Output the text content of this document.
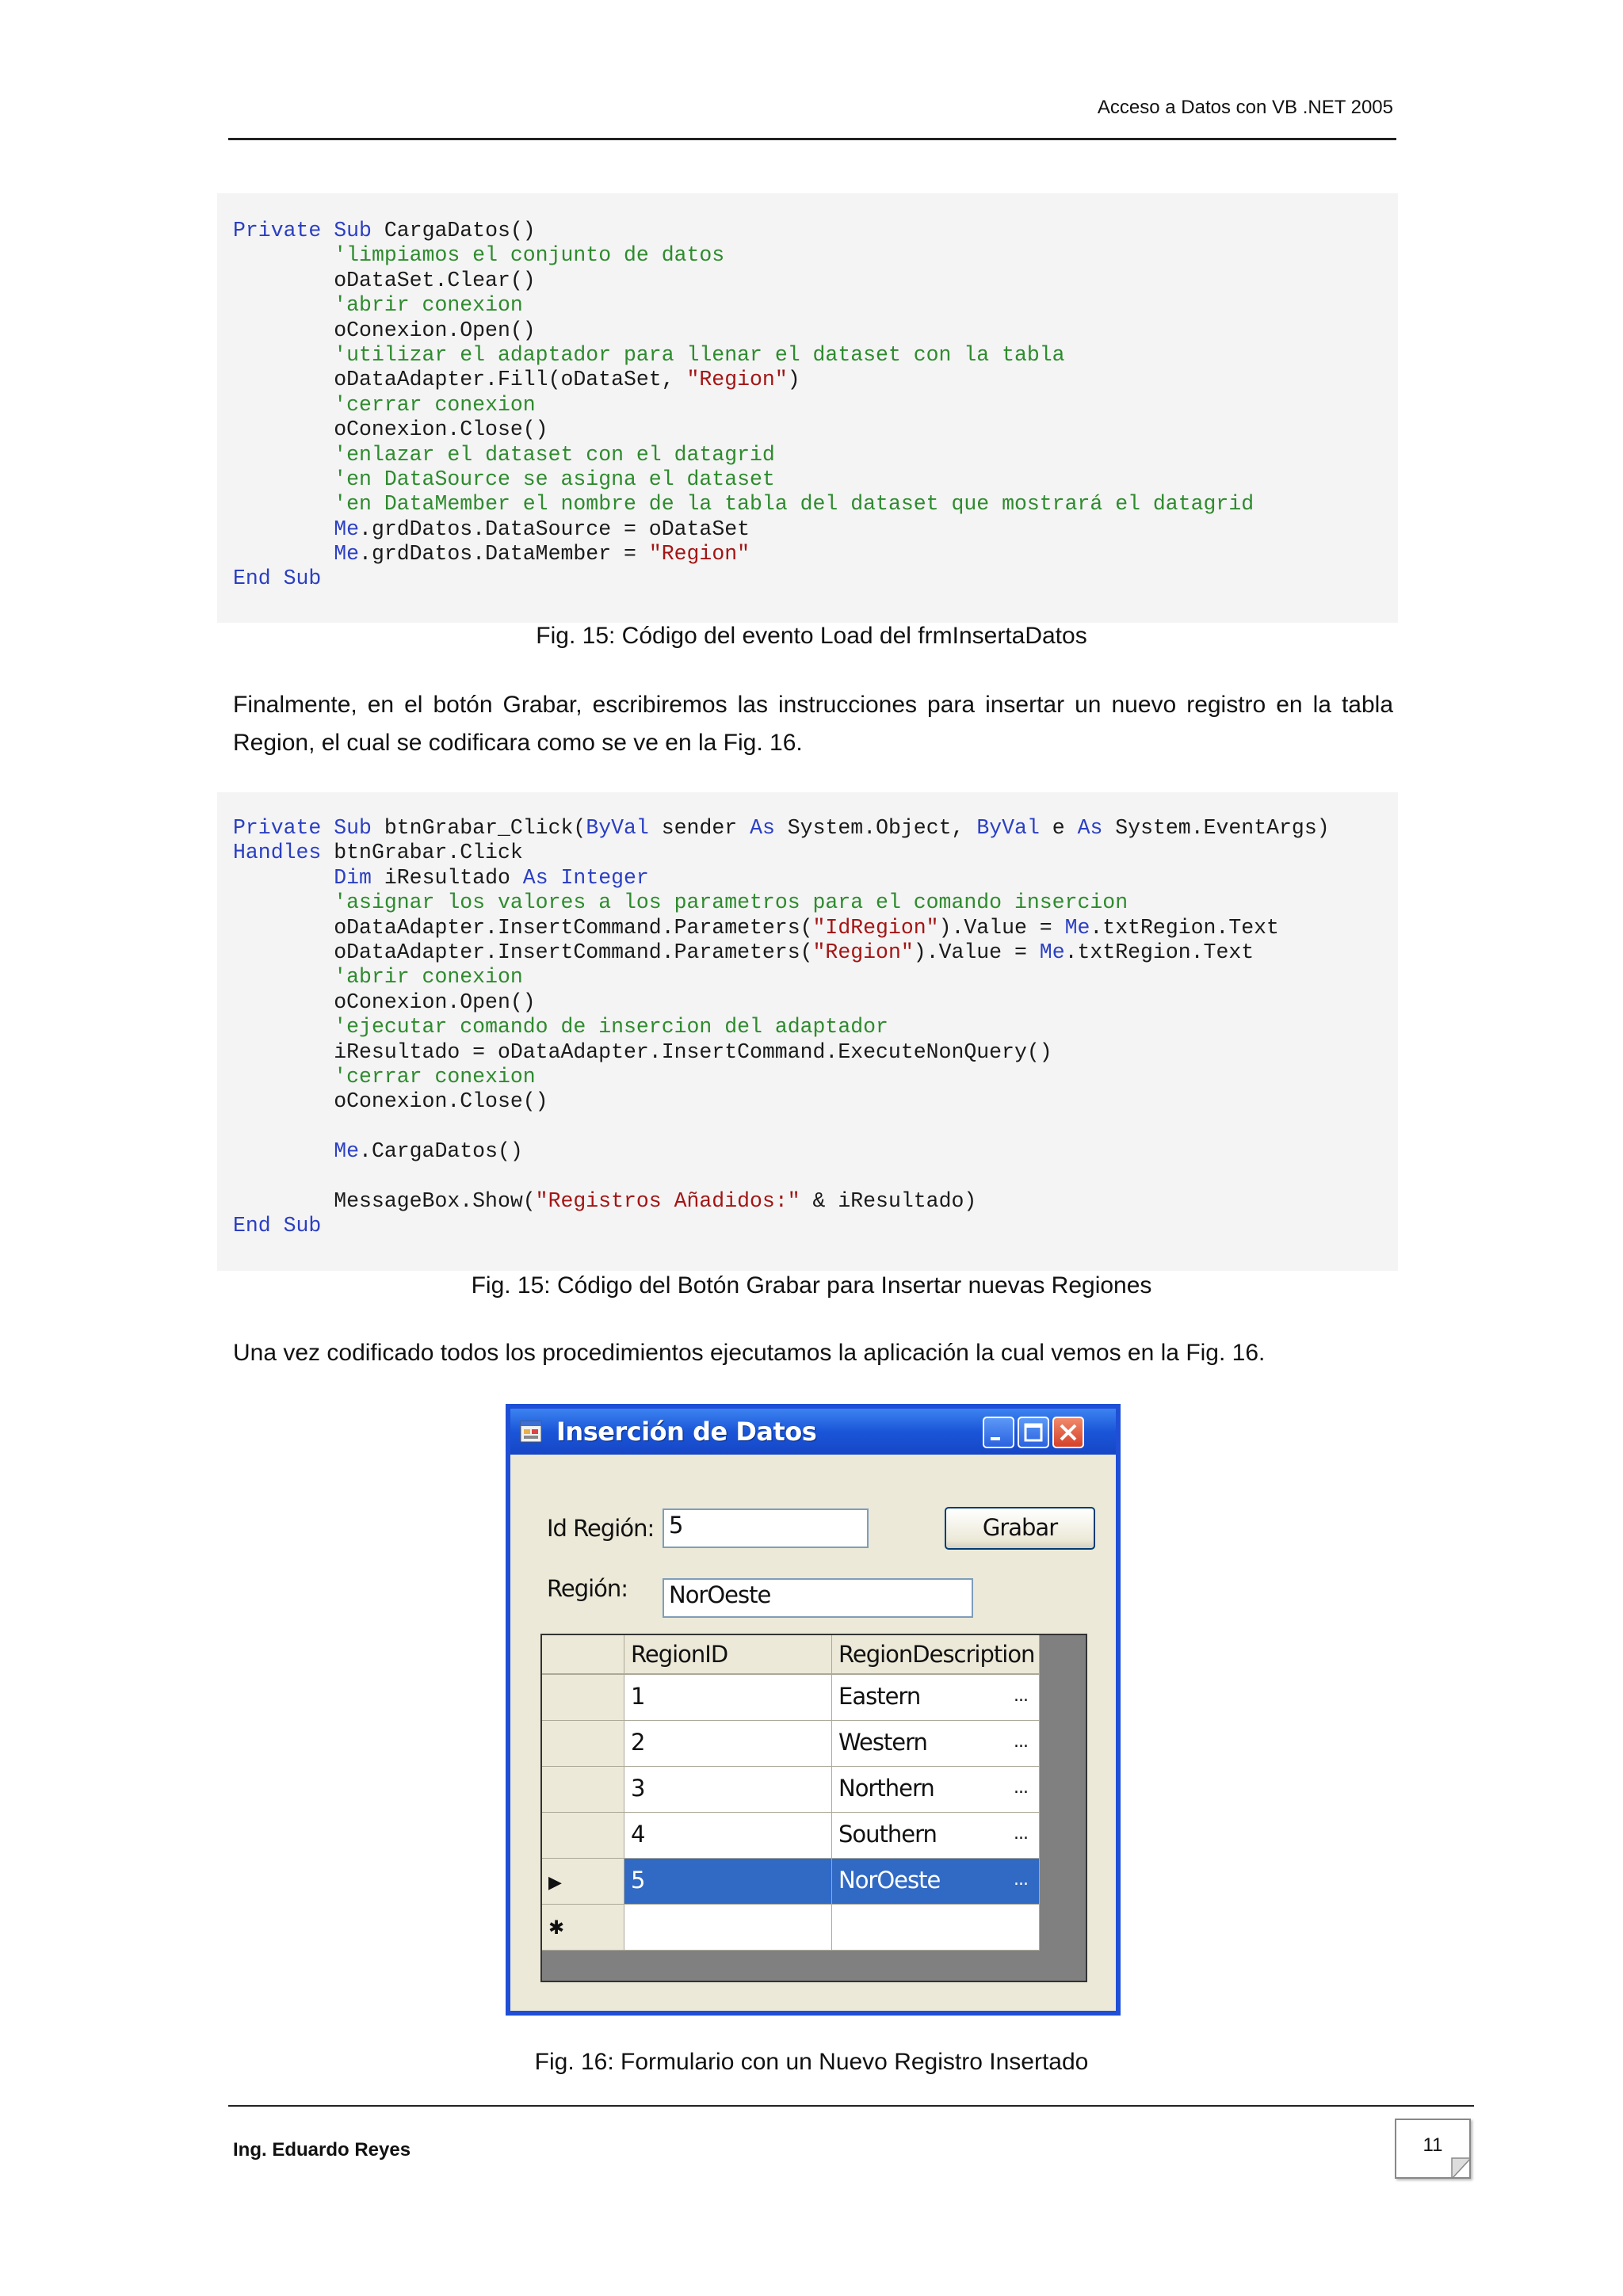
Acceso a Datos con VB .NET 2005
Private Sub CargaDatos()
'limpiamos el conjunto de datos
oDataSet.Clear()
'abrir conexion
oConexion.Open()
'utilizar el adaptador para llenar el dataset con la tabla
oDataAdapter.Fill(oDataSet, "Region")
'cerrar conexion
oConexion.Close()
'enlazar el dataset con el datagrid
'en DataSource se asigna el dataset
'en DataMember el nombre de la tabla del dataset que mostrará el datagrid
Me.grdDatos.DataSource = oDataSet
Me.grdDatos.DataMember = "Region"
End Sub
Fig. 15: Código del evento Load del frmInsertaDatos
Finalmente, en el botón Grabar, escribiremos las instrucciones para insertar un nuevo registro en la tabla Region, el cual se codificara como se ve en la Fig. 16.
Private Sub btnGrabar_Click(ByVal sender As System.Object, ByVal e As System.EventArgs)
Handles btnGrabar.Click
Dim iResultado As Integer
'asignar los valores a los parametros para el comando insercion
oDataAdapter.InsertCommand.Parameters("IdRegion").Value = Me.txtRegion.Text
oDataAdapter.InsertCommand.Parameters("Region").Value = Me.txtRegion.Text
'abrir conexion
oConexion.Open()
'ejecutar comando de insercion del adaptador
iResultado = oDataAdapter.InsertCommand.ExecuteNonQuery()
'cerrar conexion
oConexion.Close()

Me.CargaDatos()

MessageBox.Show("Registros Añadidos:" & iResultado)
End Sub
Fig. 15: Código del Botón Grabar para Insertar nuevas Regiones
Una vez codificado todos los procedimientos ejecutamos la aplicación la cual vemos en la Fig. 16.
Inserción de Datos
Id Región: 5	Grabar
Región: NorOeste
RegionID	RegionDescription
1	Eastern	...
2	Western	...
3	Northern	...
4	Southern	...
▶	5	NorOeste	...
✱
Fig. 16: Formulario con un Nuevo Registro Insertado
Ing. Eduardo Reyes	11
